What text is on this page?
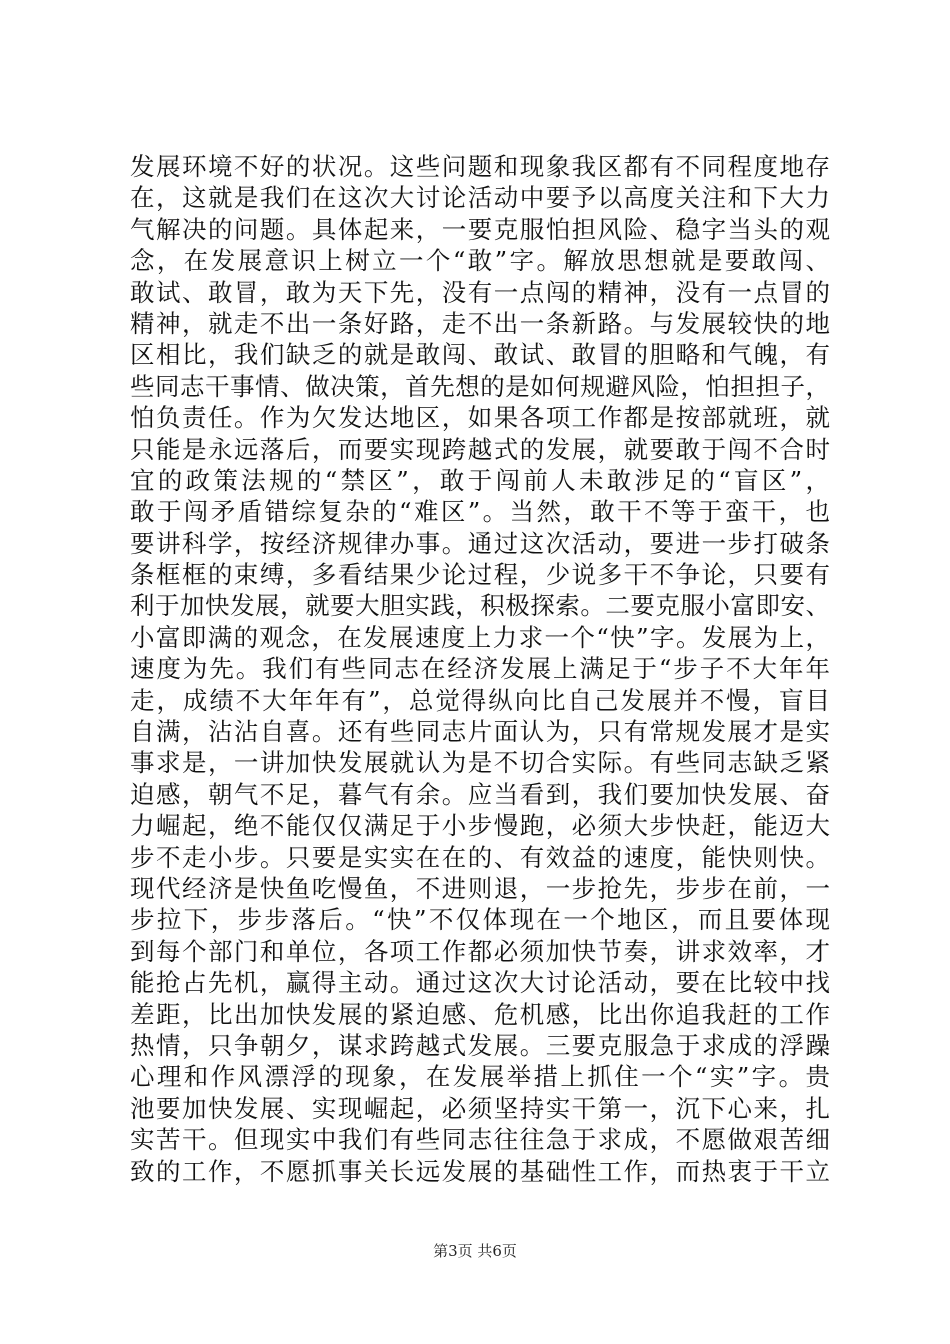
发展环境不好的状况。这些问题和现象我区都有不同程度地存
在，这就是我们在这次大讨论活动中要予以高度关注和下大力
气解决的问题。具体起来，一要克服怕担风险、稳字当头的观
念，在发展意识上树立一个“敢”字。解放思想就是要敢闯、
敢试、敢冒，敢为天下先，没有一点闯的精神，没有一点冒的
精神，就走不出一条好路，走不出一条新路。与发展较快的地
区相比，我们缺乏的就是敢闯、敢试、敢冒的胆略和气魄，有
些同志干事情、做决策，首先想的是如何规避风险，怕担担子，
怕负责任。作为欠发达地区，如果各项工作都是按部就班，就
只能是永远落后，而要实现跨越式的发展，就要敢于闯不合时
宜的政策法规的“禁区”，敢于闯前人未敢涉足的“盲区”，
敢于闯矛盾错综复杂的“难区”。当然，敢干不等于蛮干，也
要讲科学，按经济规律办事。通过这次活动，要进一步打破条
条框框的束缚，多看结果少论过程，少说多干不争论，只要有
利于加快发展，就要大胆实践，积极探索。二要克服小富即安、
小富即满的观念，在发展速度上力求一个“快”字。发展为上，
速度为先。我们有些同志在经济发展上满足于“步子不大年年
走，成绩不大年年有”，总觉得纵向比自己发展并不慢，盲目
自满，沾沾自喜。还有些同志片面认为，只有常规发展才是实
事求是，一讲加快发展就认为是不切合实际。有些同志缺乏紧
迫感，朝气不足，暮气有余。应当看到，我们要加快发展、奋
力崛起，绝不能仅仅满足于小步慢跑，必须大步快赶，能迈大
步不走小步。只要是实实在在的、有效益的速度，能快则快。
现代经济是快鱼吃慢鱼，不进则退，一步抢先，步步在前，一
步拉下，步步落后。“快”不仅体现在一个地区，而且要体现
到每个部门和单位，各项工作都必须加快节奏，讲求效率，才
能抢占先机，赢得主动。通过这次大讨论活动，要在比较中找
差距，比出加快发展的紧迫感、危机感，比出你追我赶的工作
热情，只争朝夕，谋求跨越式发展。三要克服急于求成的浮躁
心理和作风漂浮的现象，在发展举措上抓住一个“实”字。贵
池要加快发展、实现崛起，必须坚持实干第一，沉下心来，扎
实苦干。但现实中我们有些同志往往急于求成，不愿做艰苦细
致的工作，不愿抓事关长远发展的基础性工作，而热衷于干立
第3页 共6页
